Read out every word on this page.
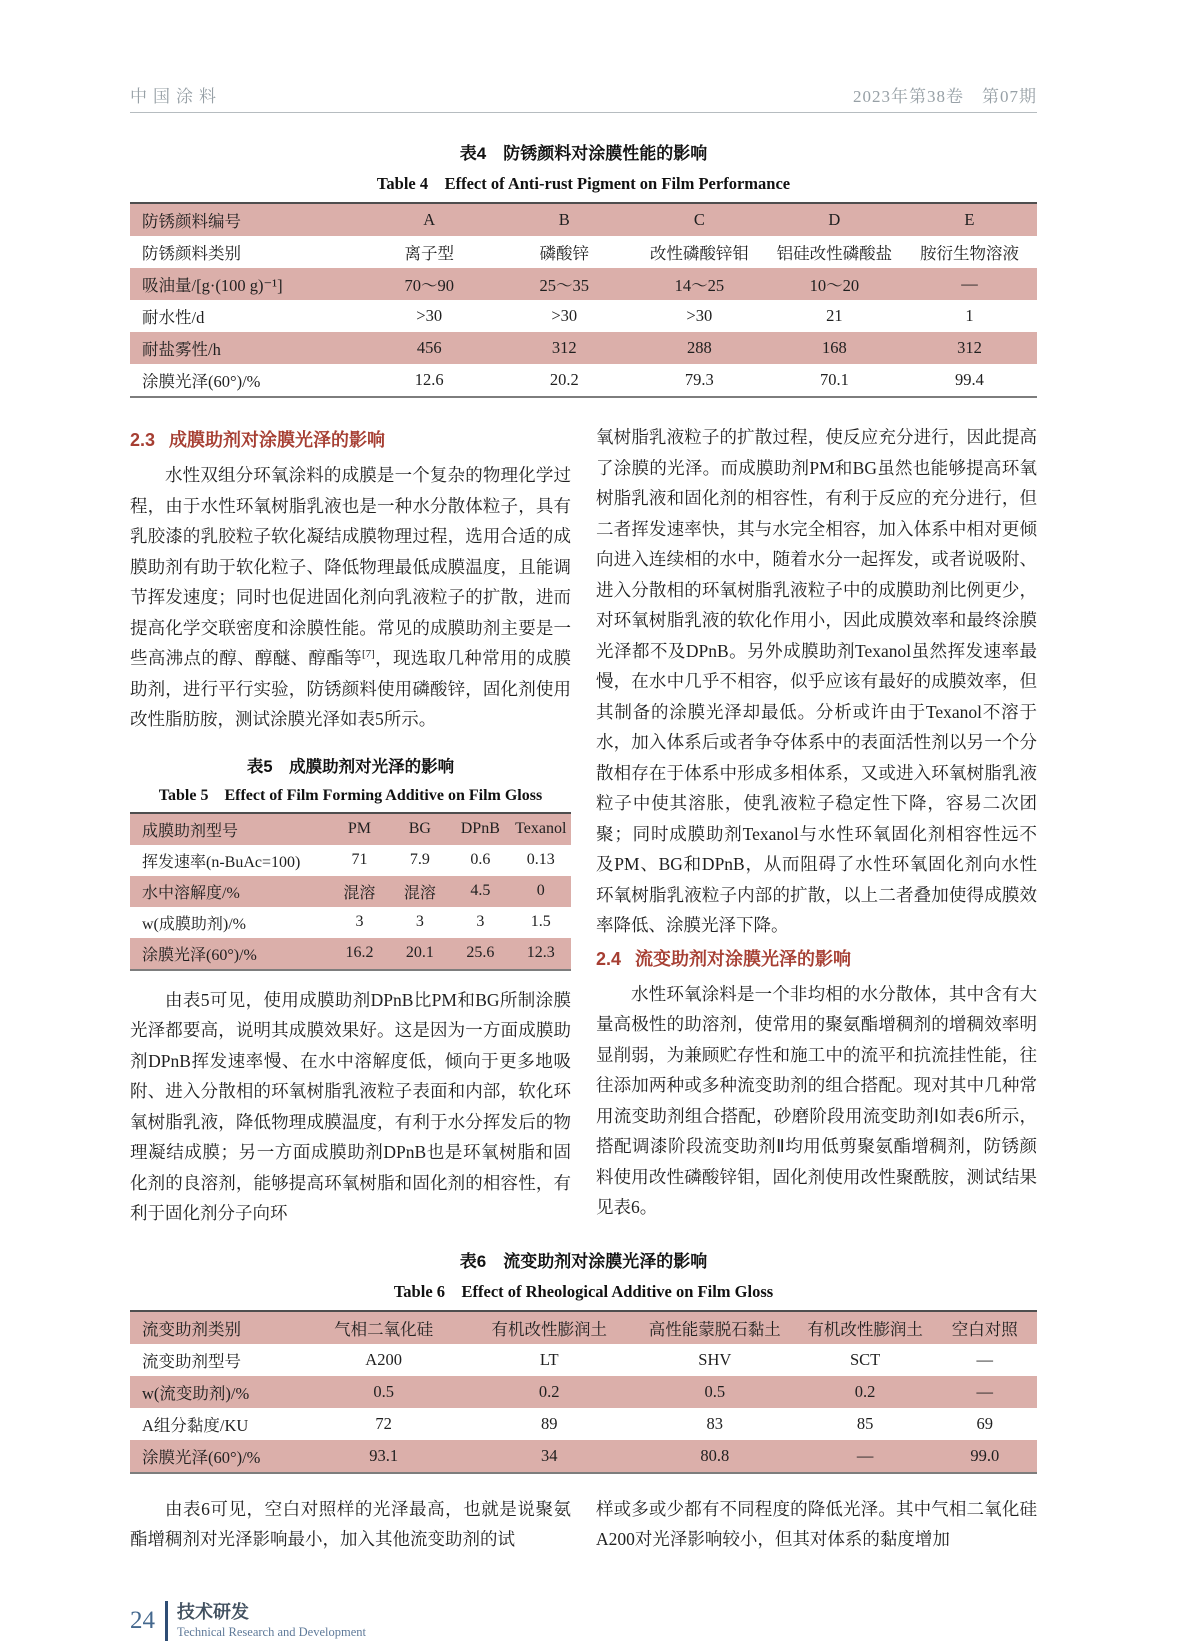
中国涂料	2023年第38卷　第07期
表4　防锈颜料对涂膜性能的影响
Table 4　Effect of Anti-rust Pigment on Film Performance
防锈颜料编号	A	B	C	D	E
防锈颜料类别	离子型	磷酸锌	改性磷酸锌钼	铝硅改性磷酸盐	胺衍生物溶液
吸油量/[g·(100 g)⁻¹]	70～90	25～35	14～25	10～20	—
耐水性/d	>30	>30	>30	21	1
耐盐雾性/h	456	312	288	168	312
涂膜光泽(60°)/%	12.6	20.2	79.3	70.1	99.4
2.3 成膜助剂对涂膜光泽的影响

水性双组分环氧涂料的成膜是一个复杂的物理化学过程，由于水性环氧树脂乳液也是一种水分散体粒子，具有乳胶漆的乳胶粒子软化凝结成膜物理过程，选用合适的成膜助剂有助于软化粒子、降低物理最低成膜温度，且能调节挥发速度；同时也促进固化剂向乳液粒子的扩散，进而提高化学交联密度和涂膜性能。常见的成膜助剂主要是一些高沸点的醇、醇醚、醇酯等[7]，现选取几种常用的成膜助剂，进行平行实验，防锈颜料使用磷酸锌，固化剂使用改性脂肪胺，测试涂膜光泽如表5所示。

表5　成膜助剂对光泽的影响
Table 5　Effect of Film Forming Additive on Film Gloss
成膜助剂型号	PM	BG	DPnB	Texanol
挥发速率(n-BuAc=100)	71	7.9	0.6	0.13
水中溶解度/%	混溶	混溶	4.5	0
w(成膜助剂)/%	3	3	3	1.5
涂膜光泽(60°)/%	16.2	20.1	25.6	12.3

由表5可见，使用成膜助剂DPnB比PM和BG所制涂膜光泽都要高，说明其成膜效果好。这是因为一方面成膜助剂DPnB挥发速率慢、在水中溶解度低，倾向于更多地吸附、进入分散相的环氧树脂乳液粒子表面和内部，软化环氧树脂乳液，降低物理成膜温度，有利于水分挥发后的物理凝结成膜；另一方面成膜助剂DPnB也是环氧树脂和固化剂的良溶剂，能够提高环氧树脂和固化剂的相容性，有利于固化剂分子向环

氧树脂乳液粒子的扩散过程，使反应充分进行，因此提高了涂膜的光泽。而成膜助剂PM和BG虽然也能够提高环氧树脂乳液和固化剂的相容性，有利于反应的充分进行，但二者挥发速率快，其与水完全相容，加入体系中相对更倾向进入连续相的水中，随着水分一起挥发，或者说吸附、进入分散相的环氧树脂乳液粒子中的成膜助剂比例更少，对环氧树脂乳液的软化作用小，因此成膜效率和最终涂膜光泽都不及DPnB。另外成膜助剂Texanol虽然挥发速率最慢，在水中几乎不相容，似乎应该有最好的成膜效率，但其制备的涂膜光泽却最低。分析或许由于Texanol不溶于水，加入体系后或者争夺体系中的表面活性剂以另一个分散相存在于体系中形成多相体系，又或进入环氧树脂乳液粒子中使其溶胀，使乳液粒子稳定性下降，容易二次团聚；同时成膜助剂Texanol与水性环氧固化剂相容性远不及PM、BG和DPnB，从而阻碍了水性环氧固化剂向水性环氧树脂乳液粒子内部的扩散，以上二者叠加使得成膜效率降低、涂膜光泽下降。

2.4 流变助剂对涂膜光泽的影响

水性环氧涂料是一个非均相的水分散体，其中含有大量高极性的助溶剂，使常用的聚氨酯增稠剂的增稠效率明显削弱，为兼顾贮存性和施工中的流平和抗流挂性能，往往添加两种或多种流变助剂的组合搭配。现对其中几种常用流变助剂组合搭配，砂磨阶段用流变助剂Ⅰ如表6所示，搭配调漆阶段流变助剂Ⅱ均用低剪聚氨酯增稠剂，防锈颜料使用改性磷酸锌钼，固化剂使用改性聚酰胺，测试结果见表6。

表6　流变助剂对涂膜光泽的影响
Table 6　Effect of Rheological Additive on Film Gloss
流变助剂类别	气相二氧化硅	有机改性膨润土	高性能蒙脱石黏土	有机改性膨润土	空白对照
流变助剂型号	A200	LT	SHV	SCT	—
w(流变助剂)/%	0.5	0.2	0.5	0.2	—
A组分黏度/KU	72	89	83	85	69
涂膜光泽(60°)/%	93.1	34	80.8	—	99.0

由表6可见，空白对照样的光泽最高，也就是说聚氨酯增稠剂对光泽影响最小，加入其他流变助剂的试

样或多或少都有不同程度的降低光泽。其中气相二氧化硅A200对光泽影响较小，但其对体系的黏度增加

24 技术研发
Technical Research and Development
